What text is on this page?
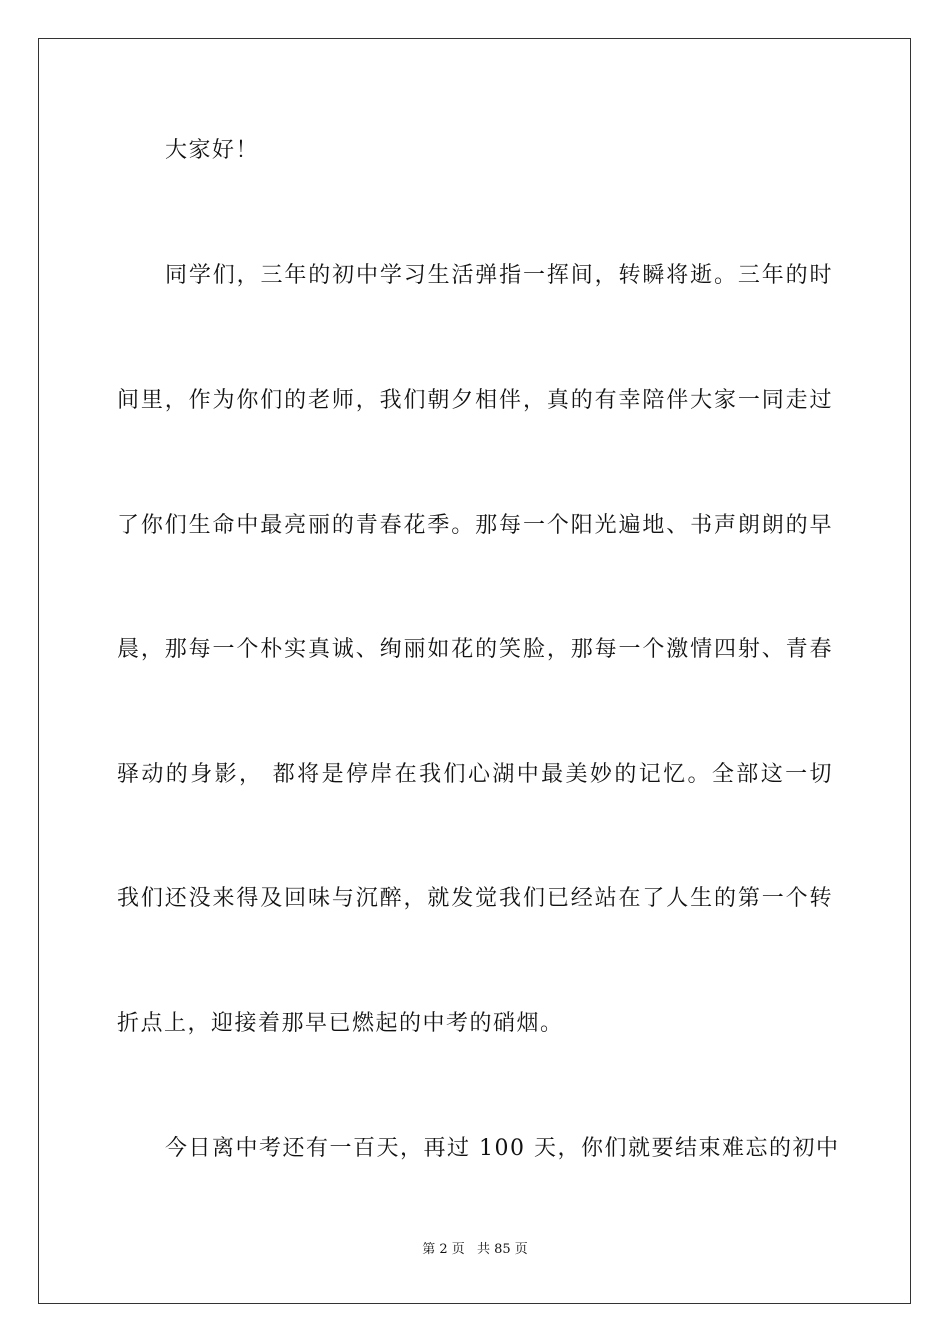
大家好！
同学们，三年的初中学习生活弹指一挥间，转瞬将逝。三年的时
间里，作为你们的老师，我们朝夕相伴，真的有幸陪伴大家一同走过
了你们生命中最亮丽的青春花季。那每一个阳光遍地、书声朗朗的早
晨，那每一个朴实真诚、绚丽如花的笑脸，那每一个激情四射、青春
驿动的身影， 都将是停岸在我们心湖中最美妙的记忆。全部这一切
我们还没来得及回味与沉醉，就发觉我们已经站在了人生的第一个转
折点上，迎接着那早已燃起的中考的硝烟。
今日离中考还有一百天，再过 100 天，你们就要结束难忘的初中
第 2 页 共 85 页
